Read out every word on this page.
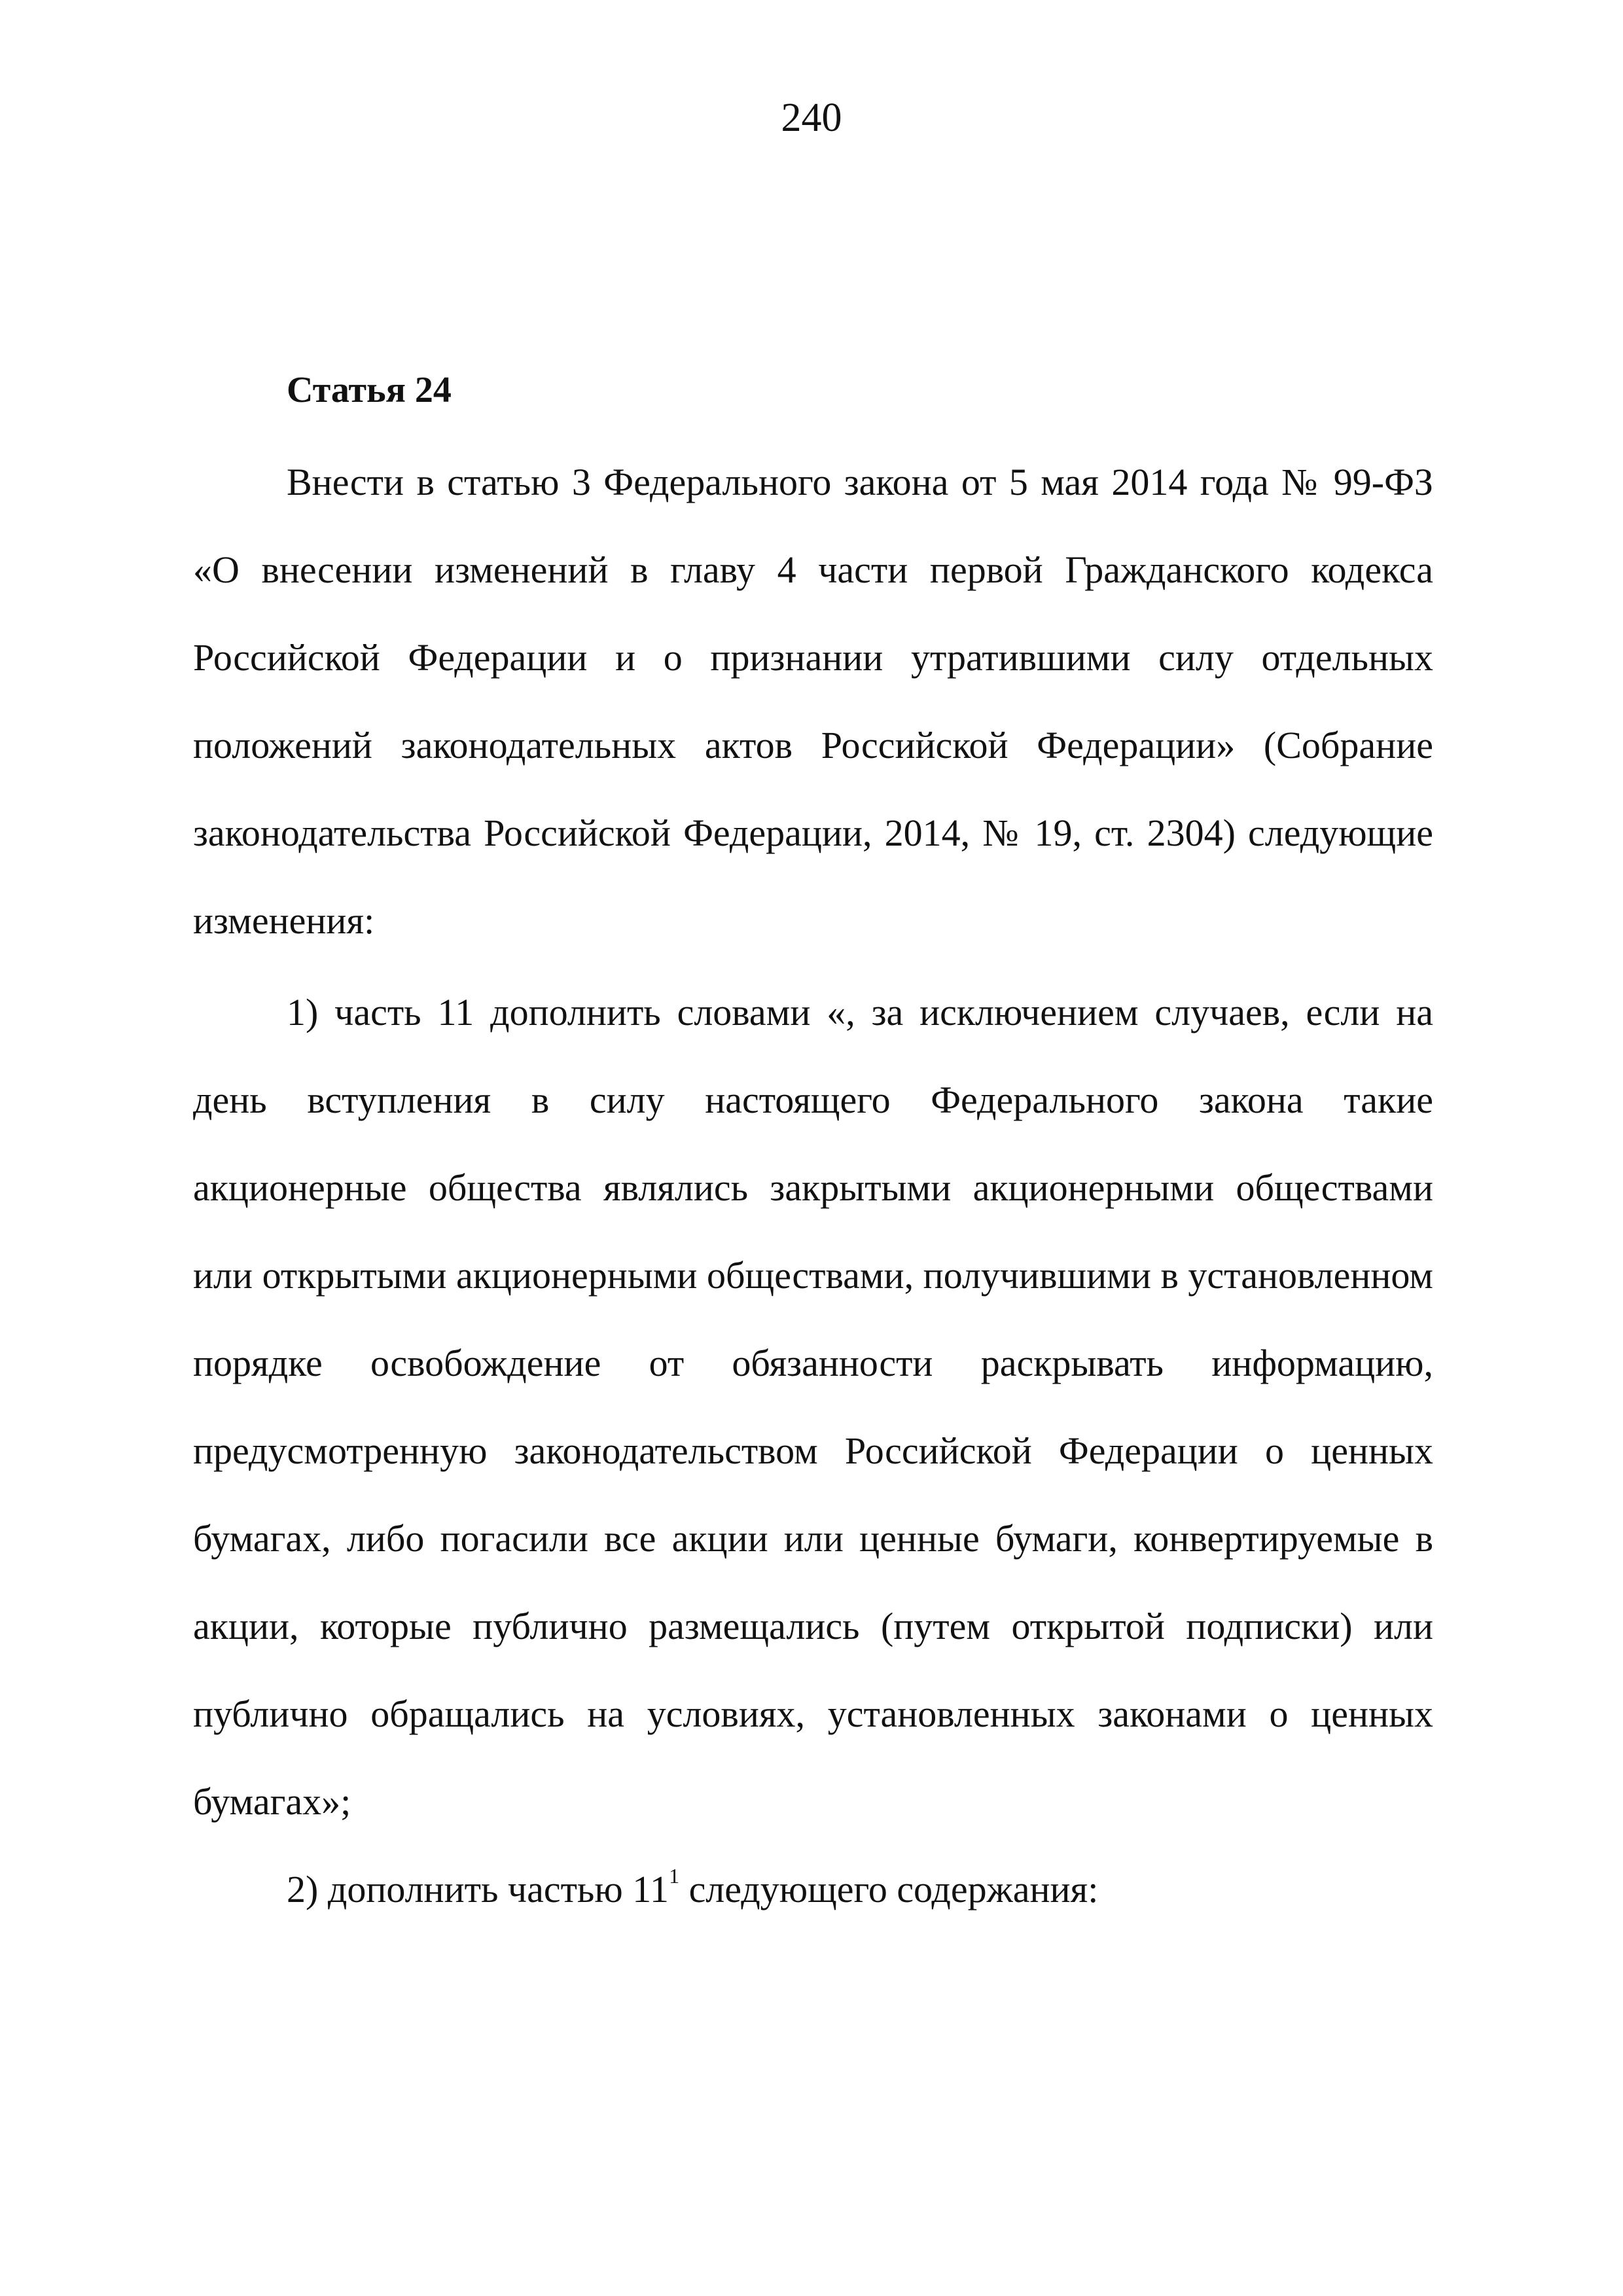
240
Статья 24

Внести в статью 3 Федерального закона от 5 мая 2014 года № 99-ФЗ «О внесении изменений в главу 4 части первой Гражданского кодекса Российской Федерации и о признании утратившими силу отдельных положений законодательных актов Российской Федерации» (Собрание законодательства Российской Федерации, 2014, № 19, ст. 2304) следующие изменения:

1) часть 11 дополнить словами «, за исключением случаев, если на день вступления в силу настоящего Федерального закона такие акционерные общества являлись закрытыми акционерными обществами или открытыми акционерными обществами, получившими в установленном порядке освобождение от обязанности раскрывать информацию, предусмотренную законодательством Российской Федерации о ценных бумагах, либо погасили все акции или ценные бумаги, конвертируемые в акции, которые публично размещались (путем открытой подписки) или публично обращались на условиях, установленных законами о ценных бумагах»;

2) дополнить частью $11^1$ следующего содержания:
